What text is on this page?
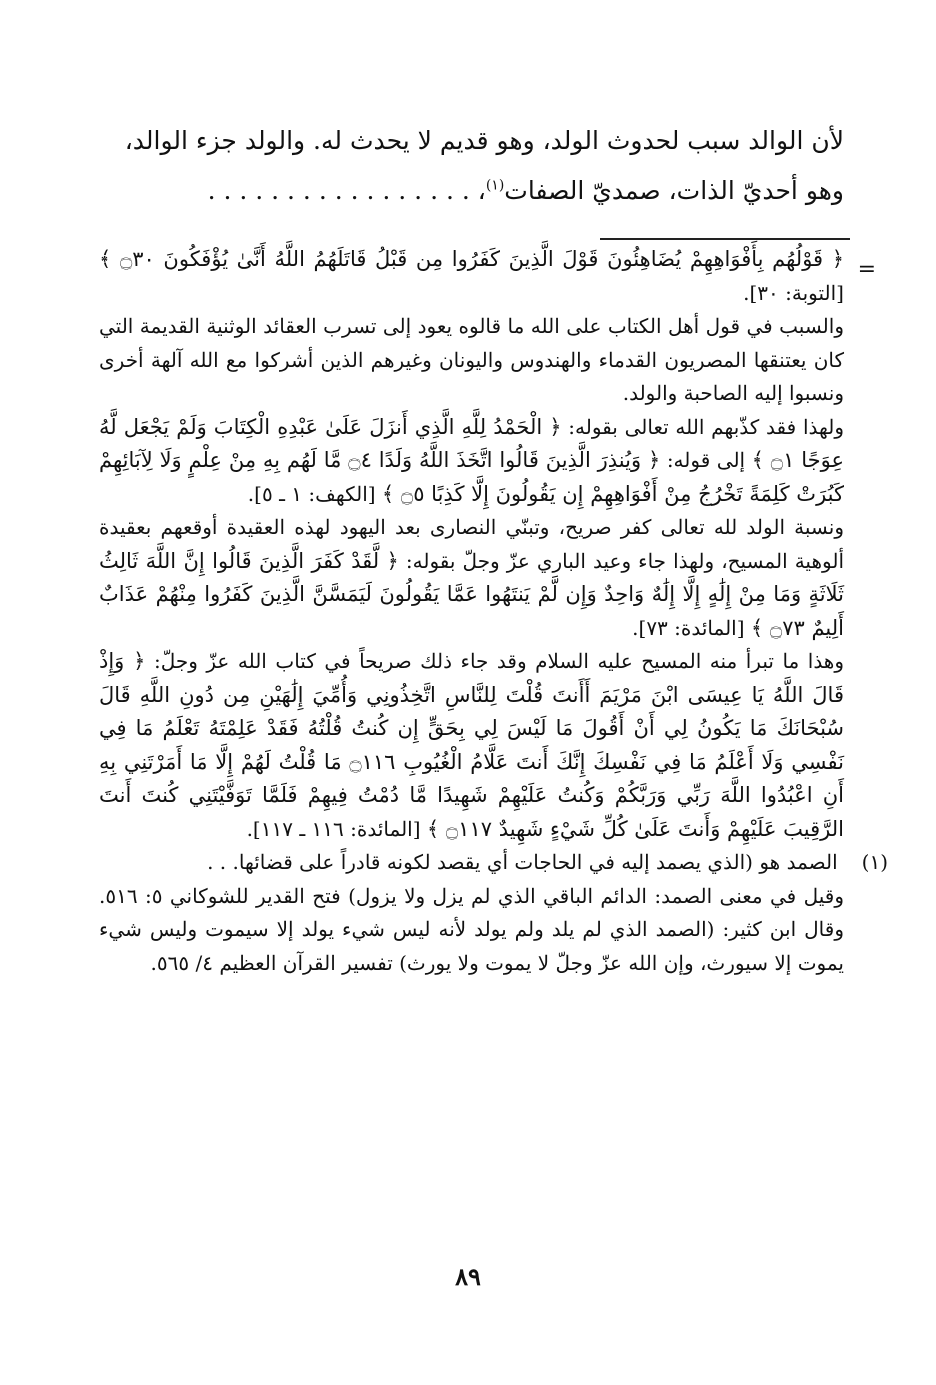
لأن الوالد سبب لحدوث الولد، وهو قديم لا يحدث له. والولد جزء الوالد،

وهو أحديّ الذات، صمديّ الصفات$^{(١)}$، . . . . . . . . . . . . . . . . .

=

﴿ قَوْلُهُم بِأَفْوَاهِهِمْ يُضَاهِئُونَ قَوْلَ الَّذِينَ كَفَرُوا مِن قَبْلُ قَاتَلَهُمُ اللَّهُ أَنَّىٰ يُؤْفَكُونَ ۝٣٠ ﴾ [التوبة: ٣٠].

والسبب في قول أهل الكتاب على الله ما قالوه يعود إلى تسرب العقائد الوثنية القديمة التي كان يعتنقها المصريون القدماء والهندوس واليونان وغيرهم الذين أشركوا مع الله آلهة أخرى ونسبوا إليه الصاحبة والولد.

ولهذا فقد كذّبهم الله تعالى بقوله: ﴿ الْحَمْدُ لِلَّهِ الَّذِي أَنزَلَ عَلَىٰ عَبْدِهِ الْكِتَابَ وَلَمْ يَجْعَل لَّهُ عِوَجًا ۝١ ﴾ إلى قوله: ﴿ وَيُنذِرَ الَّذِينَ قَالُوا اتَّخَذَ اللَّهُ وَلَدًا ۝٤ مَّا لَهُم بِهِ مِنْ عِلْمٍ وَلَا لِآبَائِهِمْ كَبُرَتْ كَلِمَةً تَخْرُجُ مِنْ أَفْوَاهِهِمْ إِن يَقُولُونَ إِلَّا كَذِبًا ۝٥ ﴾ [الكهف: ١ ـ ٥].

ونسبة الولد لله تعالى كفر صريح، وتبنّي النصارى بعد اليهود لهذه العقيدة أوقعهم بعقيدة ألوهية المسيح، ولهذا جاء وعيد الباري عزّ وجلّ بقوله: ﴿ لَّقَدْ كَفَرَ الَّذِينَ قَالُوا إِنَّ اللَّهَ ثَالِثُ ثَلَاثَةٍ وَمَا مِنْ إِلَٰهٍ إِلَّا إِلَٰهٌ وَاحِدٌ وَإِن لَّمْ يَنتَهُوا عَمَّا يَقُولُونَ لَيَمَسَّنَّ الَّذِينَ كَفَرُوا مِنْهُمْ عَذَابٌ أَلِيمٌ ۝٧٣ ﴾ [المائدة: ٧٣].

وهذا ما تبرأ منه المسيح عليه السلام وقد جاء ذلك صريحاً في كتاب الله عزّ وجلّ: ﴿ وَإِذْ قَالَ اللَّهُ يَا عِيسَى ابْنَ مَرْيَمَ أَأَنتَ قُلْتَ لِلنَّاسِ اتَّخِذُونِي وَأُمِّيَ إِلَٰهَيْنِ مِن دُونِ اللَّهِ قَالَ سُبْحَانَكَ مَا يَكُونُ لِي أَنْ أَقُولَ مَا لَيْسَ لِي بِحَقٍّ إِن كُنتُ قُلْتُهُ فَقَدْ عَلِمْتَهُ تَعْلَمُ مَا فِي نَفْسِي وَلَا أَعْلَمُ مَا فِي نَفْسِكَ إِنَّكَ أَنتَ عَلَّامُ الْغُيُوبِ ۝١١٦ مَا قُلْتُ لَهُمْ إِلَّا مَا أَمَرْتَنِي بِهِ أَنِ اعْبُدُوا اللَّهَ رَبِّي وَرَبَّكُمْ وَكُنتُ عَلَيْهِمْ شَهِيدًا مَّا دُمْتُ فِيهِمْ فَلَمَّا تَوَفَّيْتَنِي كُنتَ أَنتَ الرَّقِيبَ عَلَيْهِمْ وَأَنتَ عَلَىٰ كُلِّ شَيْءٍ شَهِيدٌ ۝١١٧ ﴾ [المائدة: ١١٦ ـ ١١٧].

(١) الصمد هو (الذي يصمد إليه في الحاجات أي يقصد لكونه قادراً على قضائها. . .

وقيل في معنى الصمد: الدائم الباقي الذي لم يزل ولا يزول) فتح القدير للشوكاني ٥: ٥١٦. وقال ابن كثير: (الصمد الذي لم يلد ولم يولد لأنه ليس شيء يولد إلا سيموت وليس شيء يموت إلا سيورث، وإن الله عزّ وجلّ لا يموت ولا يورث) تفسير القرآن العظيم ٤/ ٥٦٥.

٨٩
